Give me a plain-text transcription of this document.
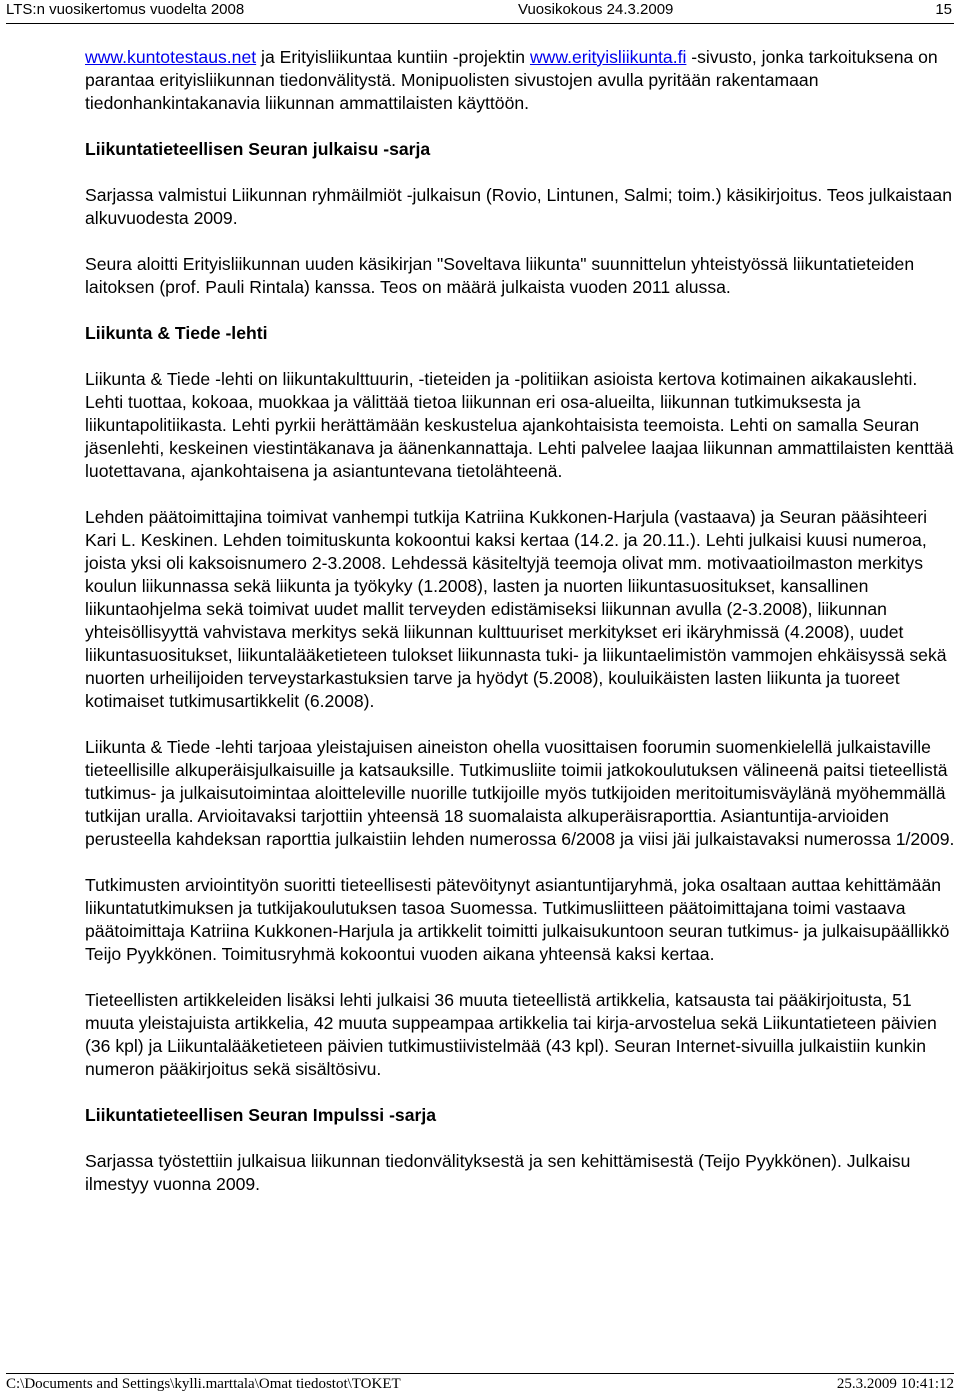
LTS:n vuosikertomus vuodelta 2008	Vuosikokous 24.3.2009	15

www.kuntotestaus.net ja Erityisliikuntaa kuntiin -projektin www.erityisliikunta.fi -sivusto, jonka tarkoituksena on parantaa erityisliikunnan tiedonvälitystä. Monipuolisten sivustojen avulla pyritään rakentamaan tiedonhankintakanavia liikunnan ammattilaisten käyttöön.

Liikuntatieteellisen Seuran julkaisu -sarja

Sarjassa valmistui Liikunnan ryhmäilmiöt -julkaisun (Rovio, Lintunen, Salmi; toim.) käsikirjoitus. Teos julkaistaan alkuvuodesta 2009.

Seura aloitti Erityisliikunnan uuden käsikirjan "Soveltava liikunta" suunnittelun yhteistyössä liikuntatieteiden laitoksen (prof. Pauli Rintala) kanssa. Teos on määrä julkaista vuoden 2011 alussa.

Liikunta & Tiede -lehti

Liikunta & Tiede -lehti on liikuntakulttuurin, -tieteiden ja -politiikan asioista kertova kotimainen aikakauslehti. Lehti tuottaa, kokoaa, muokkaa ja välittää tietoa liikunnan eri osa-alueilta, liikunnan tutkimuksesta ja liikuntapolitiikasta. Lehti pyrkii herättämään keskustelua ajankohtaisista teemoista. Lehti on samalla Seuran jäsenlehti, keskeinen viestintäkanava ja äänenkannattaja. Lehti palvelee laajaa liikunnan ammattilaisten kenttää luotettavana, ajankohtaisena ja asiantuntevana tietolähteenä.

Lehden päätoimittajina toimivat vanhempi tutkija Katriina Kukkonen-Harjula (vastaava) ja Seuran pääsihteeri Kari L. Keskinen. Lehden toimituskunta kokoontui kaksi kertaa (14.2. ja 20.11.). Lehti julkaisi kuusi numeroa, joista yksi oli kaksoisnumero 2-3.2008. Lehdessä käsiteltyjä teemoja olivat mm. motivaatioilmaston merkitys koulun liikunnassa sekä liikunta ja työkyky (1.2008), lasten ja nuorten liikuntasuositukset, kansallinen liikuntaohjelma sekä toimivat uudet mallit terveyden edistämiseksi liikunnan avulla (2-3.2008), liikunnan yhteisöllisyyttä vahvistava merkitys sekä liikunnan kulttuuriset merkitykset eri ikäryhmissä (4.2008), uudet liikuntasuositukset, liikuntalääketieteen tulokset liikunnasta tuki- ja liikuntaelimistön vammojen ehkäisyssä sekä nuorten urheilijoiden terveystarkastuksien tarve ja hyödyt (5.2008), kouluikäisten lasten liikunta ja tuoreet kotimaiset tutkimusartikkelit (6.2008).

Liikunta & Tiede -lehti tarjoaa yleistajuisen aineiston ohella vuosittaisen foorumin suomenkielellä julkaistaville tieteellisille alkuperäisjulkaisuille ja katsauksille. Tutkimusliite toimii jatkokoulutuksen välineenä paitsi tieteellistä tutkimus- ja julkaisutoimintaa aloitteleville nuorille tutkijoille myös tutkijoiden meritoitumisväylänä myöhemmällä tutkijan uralla. Arvioitavaksi tarjottiin yhteensä 18 suomalaista alkuperäisraporttia. Asiantuntija-arvioiden perusteella kahdeksan raporttia julkaistiin lehden numerossa 6/2008 ja viisi jäi julkaistavaksi numerossa 1/2009.

Tutkimusten arviointityön suoritti tieteellisesti pätevöitynyt asiantuntijaryhmä, joka osaltaan auttaa kehittämään liikuntatutkimuksen ja tutkijakoulutuksen tasoa Suomessa. Tutkimusliitteen päätoimittajana toimi vastaava päätoimittaja Katriina Kukkonen-Harjula ja artikkelit toimitti julkaisukuntoon seuran tutkimus- ja julkaisupäällikkö Teijo Pyykkönen. Toimitusryhmä kokoontui vuoden aikana yhteensä kaksi kertaa.

Tieteellisten artikkeleiden lisäksi lehti julkaisi 36 muuta tieteellistä artikkelia, katsausta tai pääkirjoitusta, 51 muuta yleistajuista artikkelia, 42 muuta suppeampaa artikkelia tai kirja-arvostelua sekä Liikuntatieteen päivien (36 kpl) ja Liikuntalääketieteen päivien tutkimustiivistelmää (43 kpl). Seuran Internet-sivuilla julkaistiin kunkin numeron pääkirjoitus sekä sisältösivu.

Liikuntatieteellisen Seuran Impulssi -sarja

Sarjassa työstettiin julkaisua liikunnan tiedonvälityksestä ja sen kehittämisestä (Teijo Pyykkönen). Julkaisu ilmestyy vuonna 2009.

C:\Documents and Settings\kylli.marttala\Omat tiedostot\TOKET	25.3.2009 10:41:12
